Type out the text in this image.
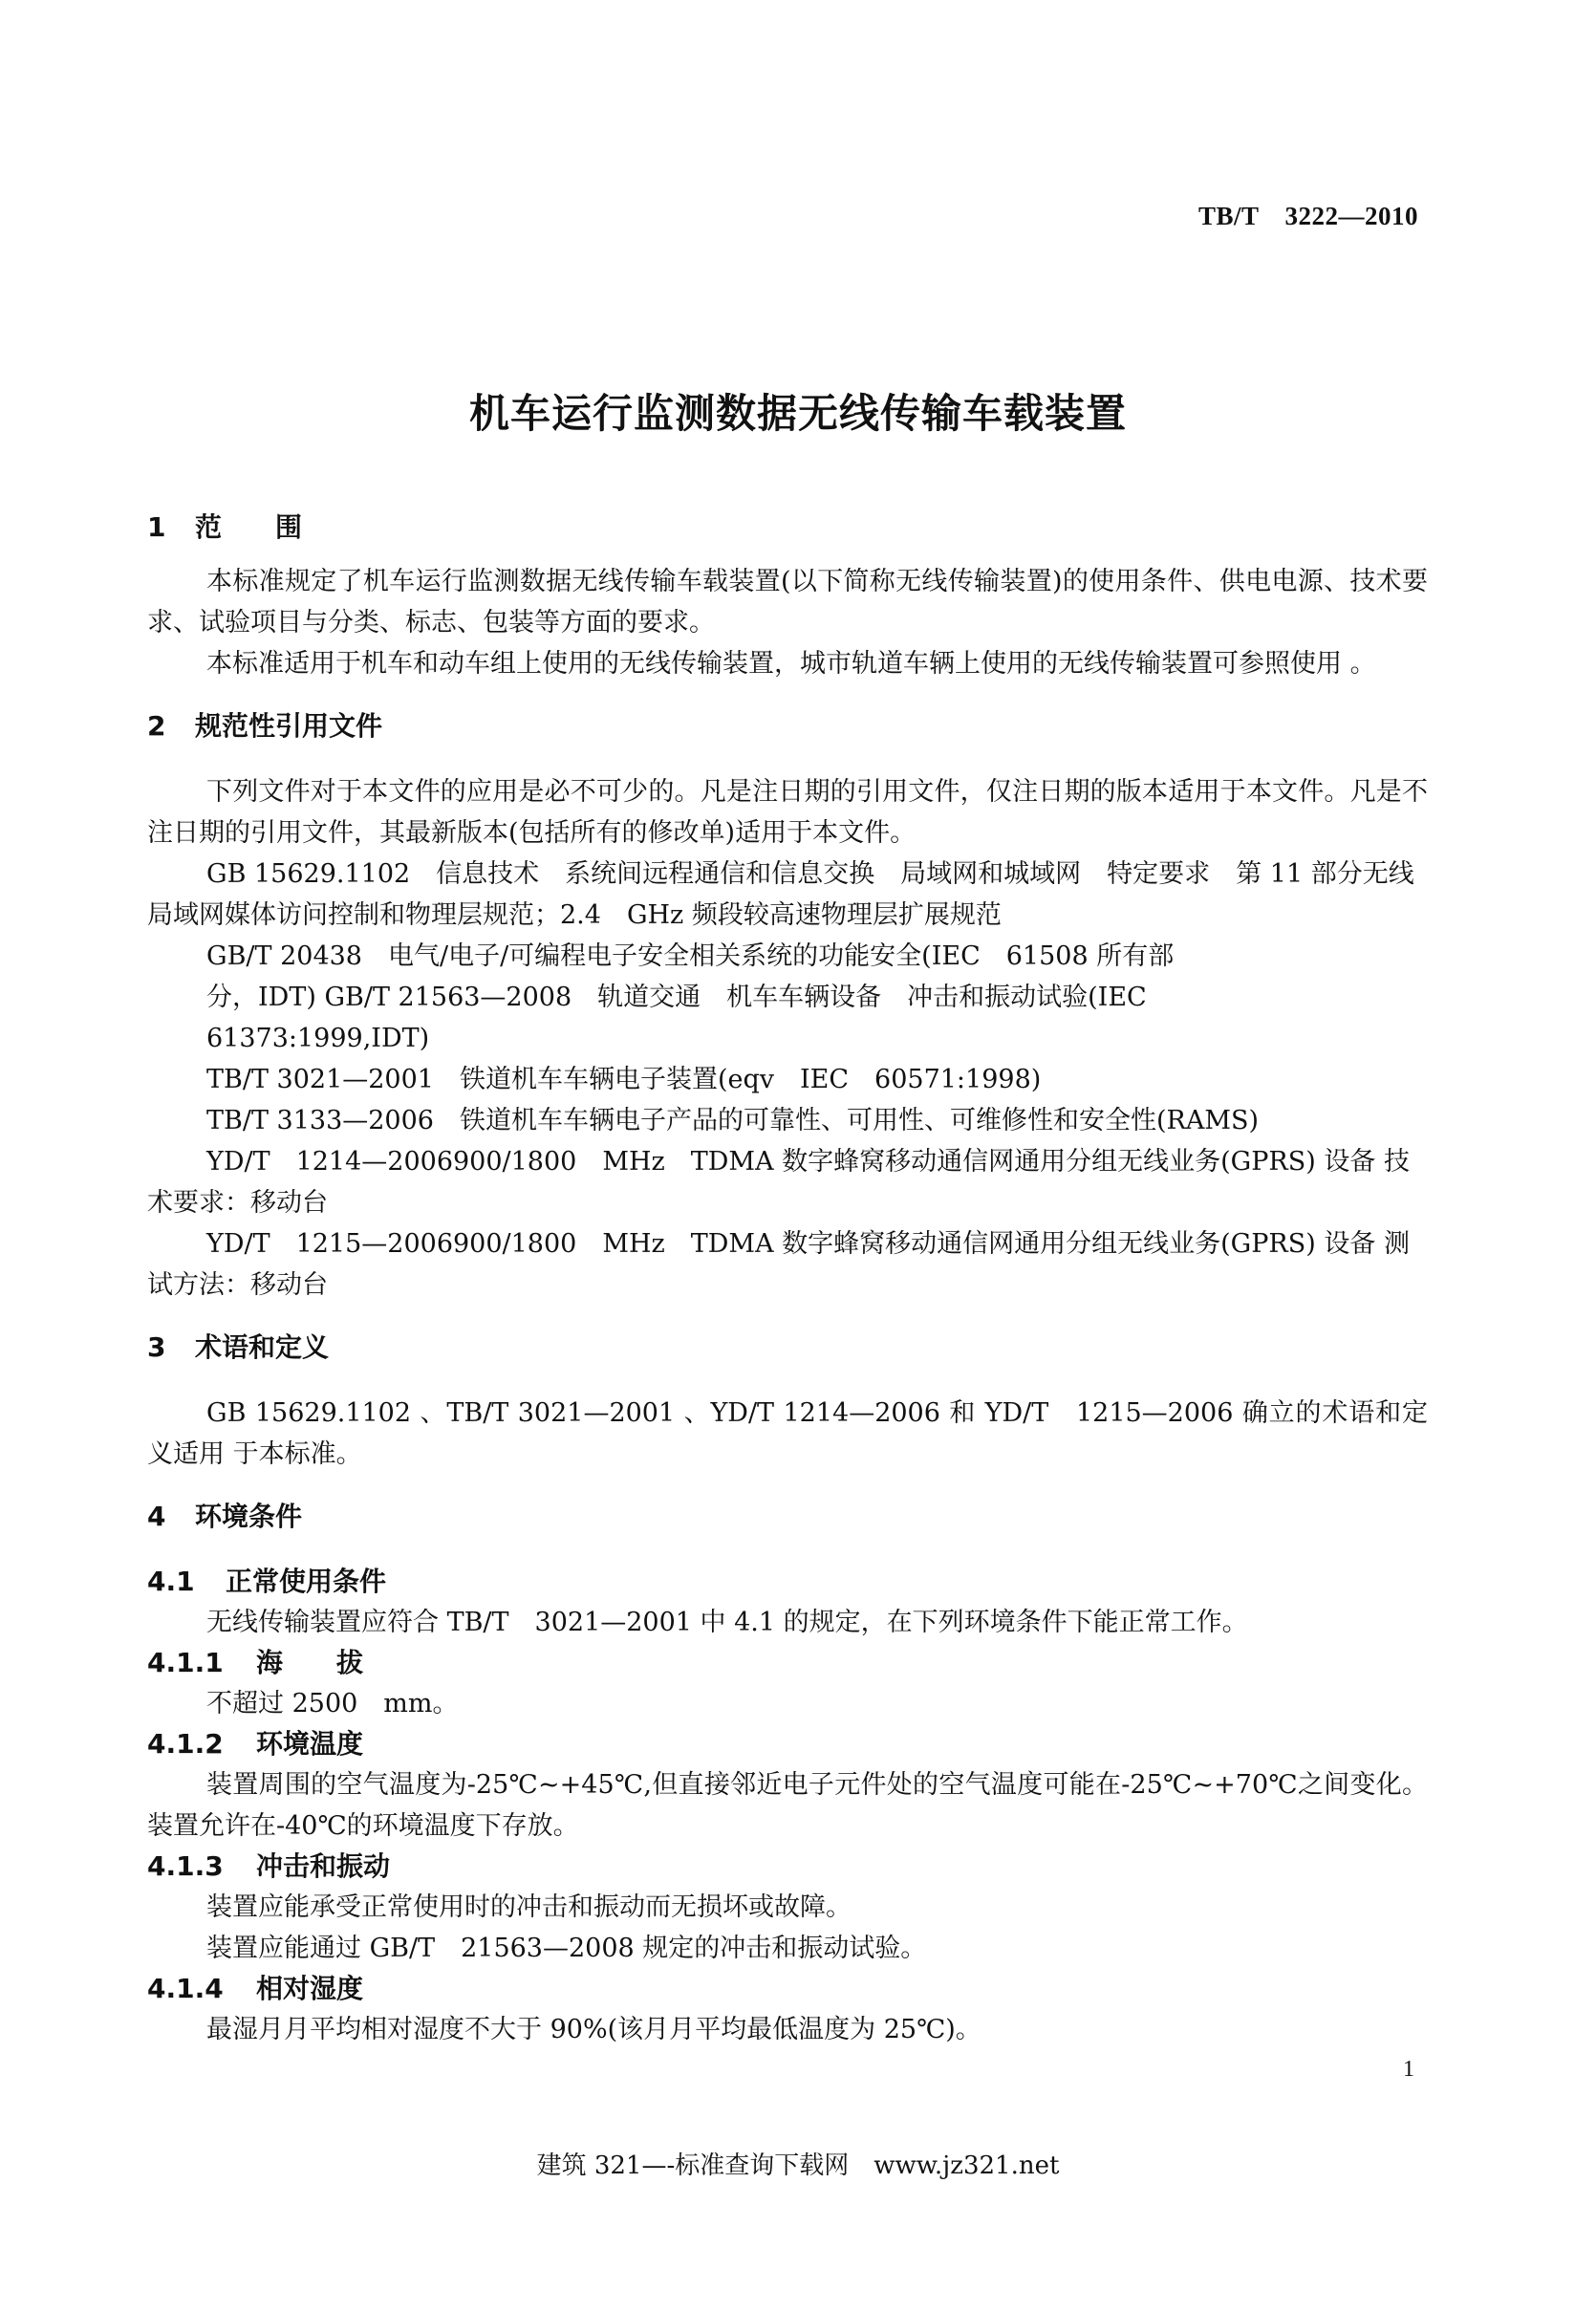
TB/T　3222—2010
机车运行监测数据无线传输车载装置
1 范　　围

本标准规定了机车运行监测数据无线传输车载装置(以下简称无线传输装置)的使用条件、供电电源、技术要求、试验项目与分类、标志、包装等方面的要求。

本标准适用于机车和动车组上使用的无线传输装置，城市轨道车辆上使用的无线传输装置可参照使用 。

2 规范性引用文件

下列文件对于本文件的应用是必不可少的。凡是注日期的引用文件，仅注日期的版本适用于本文件。凡是不注日期的引用文件，其最新版本(包括所有的修改单)适用于本文件。

GB 15629.1102　信息技术　系统间远程通信和信息交换　局域网和城域网　特定要求　第 11 部分无线局域网媒体访问控制和物理层规范；2.4　GHz 频段较高速物理层扩展规范

GB/T 20438　电气/电子/可编程电子安全相关系统的功能安全(IEC　61508 所有部

分，IDT) GB/T 21563—2008　轨道交通　机车车辆设备　冲击和振动试验(IEC

61373:1999,IDT)

TB/T 3021—2001　铁道机车车辆电子装置(eqv　IEC　60571:1998)

TB/T 3133—2006　铁道机车车辆电子产品的可靠性、可用性、可维修性和安全性(RAMS)

YD/T　1214—2006900/1800　MHz　TDMA 数字蜂窝移动通信网通用分组无线业务(GPRS) 设备 技术要求：移动台

YD/T　1215—2006900/1800　MHz　TDMA 数字蜂窝移动通信网通用分组无线业务(GPRS) 设备 测试方法：移动台

3 术语和定义

GB 15629.1102 、TB/T 3021—2001 、YD/T 1214—2006 和 YD/T　1215—2006 确立的术语和定义适用 于本标准。

4 环境条件
4.1 正常使用条件

无线传输装置应符合 TB/T　3021—2001 中 4.1 的规定，在下列环境条件下能正常工作。

4.1.1 海　　拔

不超过 2500　mm。

4.1.2 环境温度

装置周围的空气温度为-25℃~+45℃,但直接邻近电子元件处的空气温度可能在-25℃~+70℃之间变化。装置允许在-40℃的环境温度下存放。

4.1.3 冲击和振动

装置应能承受正常使用时的冲击和振动而无损坏或故障。

装置应能通过 GB/T　21563—2008 规定的冲击和振动试验。

4.1.4 相对湿度

最湿月月平均相对湿度不大于 90%(该月月平均最低温度为 25℃)。

1
建筑 321—-标准查询下载网　www.jz321.net
